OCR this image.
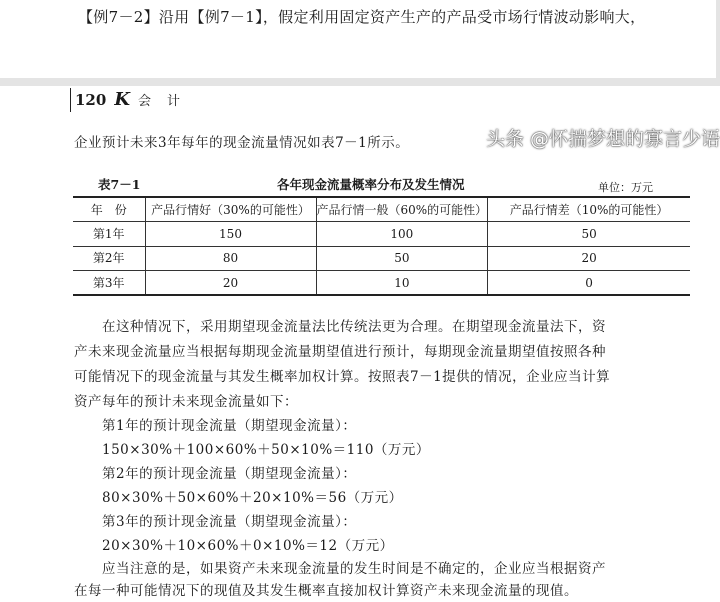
【例7－2】沿用【例7－1】，假定利用固定资产生产的产品受市场行情波动影响大，
120 K 会计
企业预计未来3年每年的现金流量情况如表7－1所示。
表7－1	各年现金流量概率分布及发生情况	单位：万元
年　份	产品行情好（30%的可能性）	产品行情一般（60%的可能性）	产品行情差（10%的可能性）
第1年	150	100	50
第2年	80	50	20
第3年	20	10	0
　　在这种情况下，采用期望现金流量法比传统法更为合理。在期望现金流量法下，资
产未来现金流量应当根据每期现金流量期望值进行预计，每期现金流量期望值按照各种
可能情况下的现金流量与其发生概率加权计算。按照表7－1提供的情况，企业应当计算
资产每年的预计未来现金流量如下：
　　第1年的预计现金流量（期望现金流量）：
　　150×30%＋100×60%＋50×10%＝110（万元）
　　第2年的预计现金流量（期望现金流量）：
　　80×30%＋50×60%＋20×10%＝56（万元）
　　第3年的预计现金流量（期望现金流量）：
　　20×30%＋10×60%＋0×10%＝12（万元）
　　应当注意的是，如果资产未来现金流量的发生时间是不确定的，企业应当根据资产
在每一种可能情况下的现值及其发生概率直接加权计算资产未来现金流量的现值。
头条 @怀揣梦想的寡言少语
